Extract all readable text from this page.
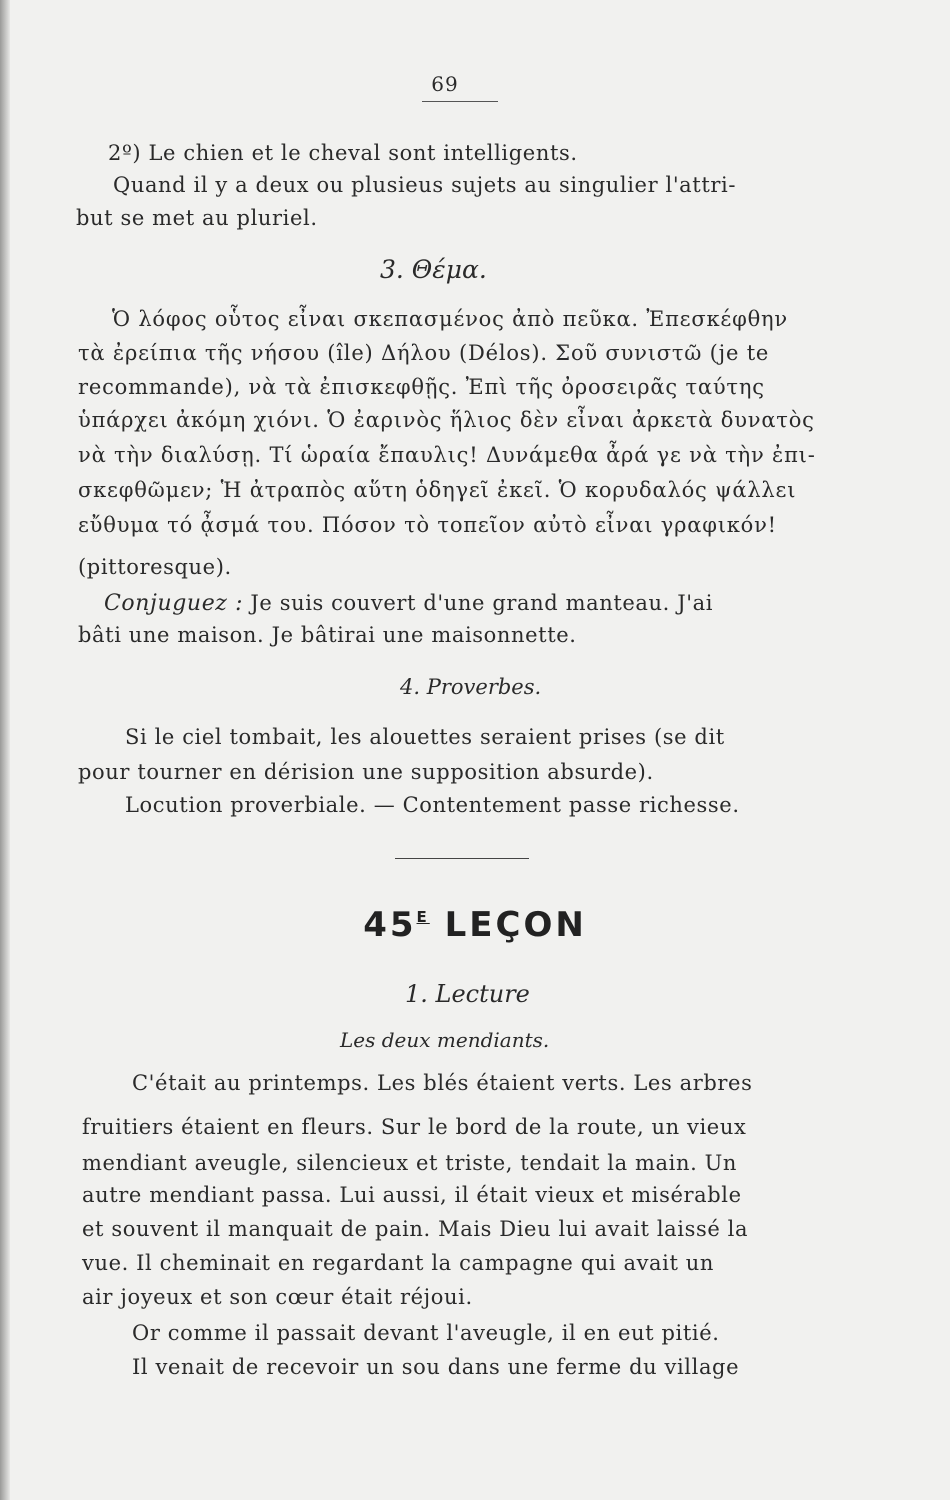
69
2º) Le chien et le cheval sont intelligents.
Quand il y a deux ou plusieus sujets au singulier l'attri-
but se met au pluriel.
3. Θέμα.
Ὁ λόφος οὗτος εἶναι σκεπασμένος ἀπὸ πεῦκα. Ἐπεσκέφθην
τὰ ἐρείπια τῆς νήσου (île) Δήλου (Délos). Σοῦ συνιστῶ (je te
recommande), νὰ τὰ ἐπισκεφθῇς. Ἐπὶ τῆς ὀροσειρᾶς ταύτης
ὑπάρχει ἀκόμη χιόνι. Ὁ ἐαρινὸς ἥλιος δὲν εἶναι ἀρκετὰ δυνατὸς
νὰ τὴν διαλύσῃ. Τί ὡραία ἔπαυλις! Δυνάμεθα ἆρά γε νὰ τὴν ἐπι-
σκεφθῶμεν; Ἡ ἀτραπὸς αὕτη ὁδηγεῖ ἐκεῖ. Ὁ κορυδαλός ψάλλει
εὔθυμα τό ᾆσμά του. Πόσον τὸ τοπεῖον αὐτὸ εἶναι γραφικόν!
(pittoresque).
Conjuguez : Je suis couvert d'une grand manteau. J'ai
bâti une maison. Je bâtirai une maisonnette.
4. Proverbes.
Si le ciel tombait, les alouettes seraient prises (se dit
pour tourner en dérision une supposition absurde).
Locution proverbiale. — Contentement passe richesse.
$45^E$ LEÇON
1. Lecture
Les deux mendiants.
C'était au printemps. Les blés étaient verts. Les arbres
fruitiers étaient en fleurs. Sur le bord de la route, un vieux
mendiant aveugle, silencieux et triste, tendait la main. Un
autre mendiant passa. Lui aussi, il était vieux et misérable
et souvent il manquait de pain. Mais Dieu lui avait laissé la
vue. Il cheminait en regardant la campagne qui avait un
air joyeux et son cœur était réjoui.
Or comme il passait devant l'aveugle, il en eut pitié.
Il venait de recevoir un sou dans une ferme du village
